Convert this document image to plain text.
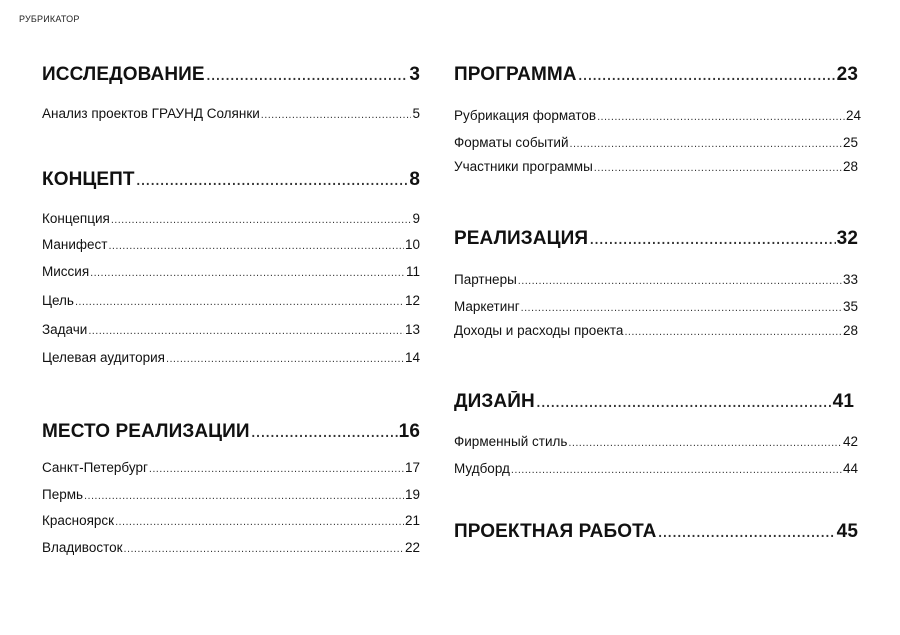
РУБРИКАТОР
ИССЛЕДОВАНИЕ .....	3
Анализ проектов ГРАУНД Солянки .....	5
КОНЦЕПТ .....	8
Концепция .....	9
Манифест .....	10
Миссия .....	11
Цель .....	12
Задачи .....	13
Целевая аудитория .....	14
МЕСТО РЕАЛИЗАЦИИ .....	16
Санкт-Петербург .....	17
Пермь .....	19
Красноярск .....	21
Владивосток .....	22
ПРОГРАММА .....	23
Рубрикация форматов .....	24
Форматы событий .....	25
Участники программы .....	28
РЕАЛИЗАЦИЯ .....	32
Партнеры .....	33
Маркетинг .....	35
Доходы и расходы проекта .....	28
ДИЗАЙН .....	41
Фирменный стиль .....	42
Мудборд .....	44
ПРОЕКТНАЯ РАБОТА .....	45
